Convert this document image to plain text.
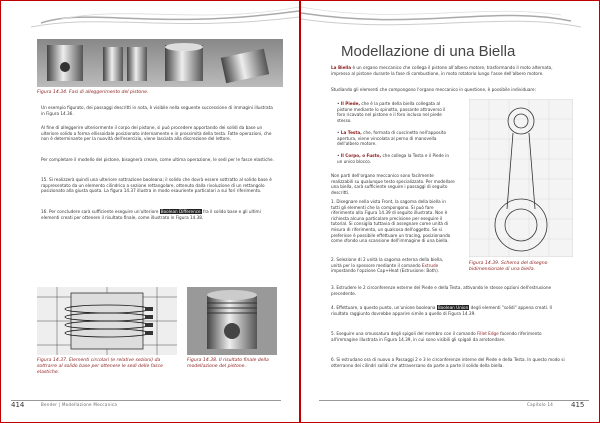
Figura 14.34. Fasi di alleggerimento del pistone.
Un esempio figurato, dei passaggi descritti in nota, è visibile nella seguente successione di immagini illustrata in Figura 14.36.
Al fine di alleggerire ulteriormente il corpo del pistone, si può procedere apportando dei solidi da base un ulteriore solido a forma ellissoidale posizionato internamente e in prossimità della testa. Fatte operazioni, che non è determinante per la nuovità dell'esercizio, viene lasciata alla discrezione del lettore.
Per completare il modello del pistone, bisognerà creare, come ultima operazione, le sedi per le fasce elastiche.
15. Si realizzerà quindi una ulteriore sottrazione booleana; il solido che dovrà essere sottratto al solido base è rappresentato da un elemento cilindrico a sezione rettangolare, ottenuto dalla rivoluzione di un rettangolo posizionato alla giusta quota. La figura 14.37 illustra in modo esauriente particolari a sui fori riferimento.
16. Per concludere sarà sufficiente eseguire un'ulteriore Boolean Difference fra il solido base e gli ultimi elementi creati per ottenere il risultato finale, come illustrato in Figura 14.38.
Figura 14.37. Elementi circolari (e relative sezioni) da sottrarre al solido base per ottenere le sedi delle fasce elastiche.
Figura 14.38. Il risultato finale della modellazione del pistone.
414	Bender | Modellazione Meccanica
Modellazione di una Biella
La Biella è un organo meccanico che collega il pistone all'albero motore, trasformando il moto alternato, impresso al pistone durante la fase di combustione, in moto rotatorio lungo l'asse dell'albero motore.
Studiando gli elementi che compongono l'organo meccanico in questione, è possibile individuare:
• Il Piede, che è la parte della biella collegata al pistone mediante lo spinotto, passante attraverso il foro ricavato nel pistone e il foro incluso nel piede stesso.
• La Testa, che, formata di cuscinetto nell'apposito apertura, viene vincolata al perno di manovella dell'albero motore.
• Il Corpo, o Fusto, che collega la Testa e il Piede in un unico blocco.
Non parti dell'organo meccanico sono facilmente realizzabili su qualunque testo specializzato. Per modellare una biella, sarà sufficiente seguire i passaggi di seguito descritti.
1. Disegnare nella vista Front, la sagoma della biella in tutti gli elementi che la compongono. Si può fare riferimento alla Figura 14.39 di seguito illustrata. Non è richiesta alcuna particolare precisione per eseguire il tutorial. Si consiglia tuttavia di assegnare come unità di misura di riferimento, un qualcosa dell'oggetto. Se si preferisse è possibile effettuare un tracing, posizionando come sfondo una scansione dell'immagine di una biella.
2. Selezione di 2 unità la sagoma esterna della biella, unità per lo spessore mediante il comando Extrude impostando l'opzione Cap+Heat (Estrusione: Both).
Figura 14.39. Schema del disegno bidimensionale di una biella.
3. Estrudere le 2 circonferenze esterne del Piede e della Testa, attivando le stesse opzioni dell'estrusione precedente.
4. Effettuare, a questo punto, un'unione booleana Boolean Union degli elementi "solidi" appena creati. Il risultato raggiunto dovrebbe apparire simile a quello di Figura 14.39.
5. Eseguire una smussatura degli spigoli del membro con il comando Fillet Edge facendo riferimento all'immagine illustrata in Figura 14.39, in cui sono visibili gli spigoli da arrotondare.
6. Si estrudano ora di nuovo a Passaggi 2 e 3 le circonferenze interne del Piede e della Testa. In questo modo si otterranno dei cilindri solidi che attraversano da parte a parte il solido della biella.
Capitolo 14	415
